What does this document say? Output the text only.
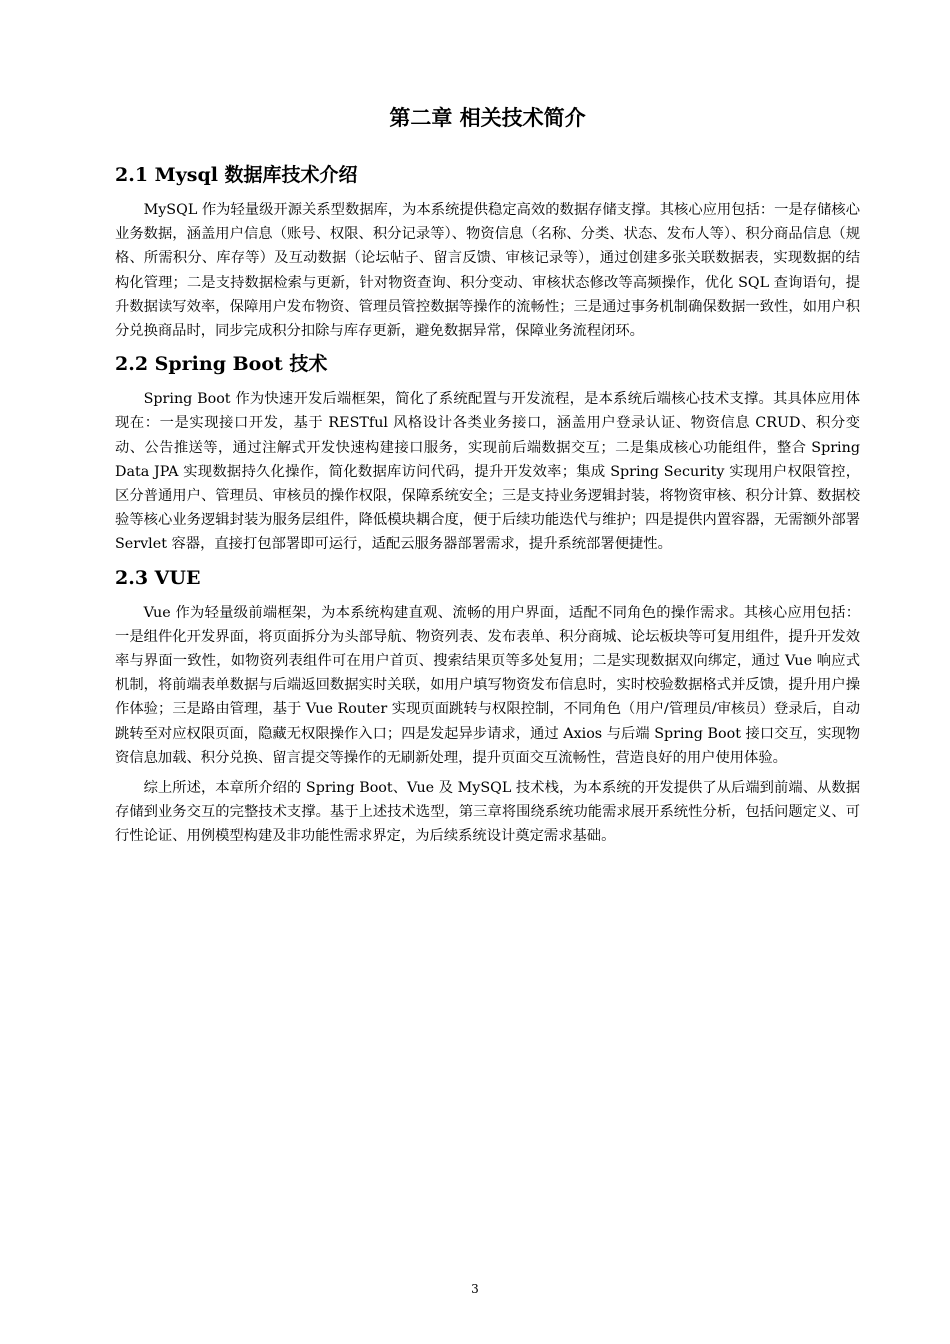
第二章 相关技术简介
2.1 Mysql 数据库技术介绍

MySQL 作为轻量级开源关系型数据库，为本系统提供稳定高效的数据存储支撑。其核心应用包括：一是存储核心业务数据，涵盖用户信息（账号、权限、积分记录等）、物资信息（名称、分类、状态、发布人等）、积分商品信息（规格、所需积分、库存等）及互动数据（论坛帖子、留言反馈、审核记录等），通过创建多张关联数据表，实现数据的结构化管理；二是支持数据检索与更新，针对物资查询、积分变动、审核状态修改等高频操作，优化 SQL 查询语句，提升数据读写效率，保障用户发布物资、管理员管控数据等操作的流畅性；三是通过事务机制确保数据一致性，如用户积分兑换商品时，同步完成积分扣除与库存更新，避免数据异常，保障业务流程闭环。

2.2 Spring Boot 技术

Spring Boot 作为快速开发后端框架，简化了系统配置与开发流程，是本系统后端核心技术支撑。其具体应用体现在：一是实现接口开发，基于 RESTful 风格设计各类业务接口，涵盖用户登录认证、物资信息 CRUD、积分变动、公告推送等，通过注解式开发快速构建接口服务，实现前后端数据交互；二是集成核心功能组件，整合 Spring Data JPA 实现数据持久化操作，简化数据库访问代码，提升开发效率；集成 Spring Security 实现用户权限管控，区分普通用户、管理员、审核员的操作权限，保障系统安全；三是支持业务逻辑封装，将物资审核、积分计算、数据校验等核心业务逻辑封装为服务层组件，降低模块耦合度，便于后续功能迭代与维护；四是提供内置容器，无需额外部署 Servlet 容器，直接打包部署即可运行，适配云服务器部署需求，提升系统部署便捷性。

2.3 VUE

Vue 作为轻量级前端框架，为本系统构建直观、流畅的用户界面，适配不同角色的操作需求。其核心应用包括：一是组件化开发界面，将页面拆分为头部导航、物资列表、发布表单、积分商城、论坛板块等可复用组件，提升开发效率与界面一致性，如物资列表组件可在用户首页、搜索结果页等多处复用；二是实现数据双向绑定，通过 Vue 响应式机制，将前端表单数据与后端返回数据实时关联，如用户填写物资发布信息时，实时校验数据格式并反馈，提升用户操作体验；三是路由管理，基于 Vue Router 实现页面跳转与权限控制，不同角色（用户/管理员/审核员）登录后，自动跳转至对应权限页面，隐藏无权限操作入口；四是发起异步请求，通过 Axios 与后端 Spring Boot 接口交互，实现物资信息加载、积分兑换、留言提交等操作的无刷新处理，提升页面交互流畅性，营造良好的用户使用体验。

综上所述，本章所介绍的 Spring Boot、Vue 及 MySQL 技术栈，为本系统的开发提供了从后端到前端、从数据存储到业务交互的完整技术支撑。基于上述技术选型，第三章将围绕系统功能需求展开系统性分析，包括问题定义、可行性论证、用例模型构建及非功能性需求界定，为后续系统设计奠定需求基础。

3
